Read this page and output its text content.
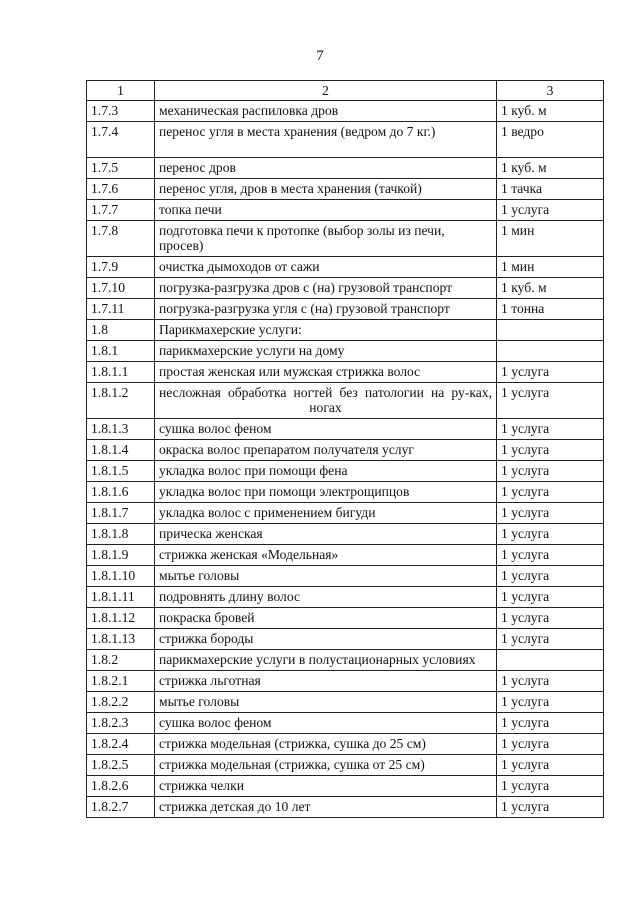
7
1	2	3
1.7.3	механическая распиловка дров	1 куб. м
1.7.4	перенос угля в места хранения (ведром до 7 кг.)	1 ведро
1.7.5	перенос дров	1 куб. м
1.7.6	перенос угля, дров в места хранения (тачкой)	1 тачка
1.7.7	топка печи	1 услуга
1.7.8	подготовка печи к протопке (выбор золы из печи, просев)	1 мин
1.7.9	очистка дымоходов от сажи	1 мин
1.7.10	погрузка-разгрузка дров с (на) грузовой транспорт	1 куб. м
1.7.11	погрузка-разгрузка угля с (на) грузовой транспорт	1 тонна
1.8	Парикмахерские услуги:	
1.8.1	парикмахерские услуги на дому	
1.8.1.1	простая женская или мужская стрижка волос	1 услуга
1.8.1.2	несложная обработка ногтей без патологии на ру-ках, ногах	1 услуга
1.8.1.3	сушка волос феном	1 услуга
1.8.1.4	окраска волос препаратом получателя услуг	1 услуга
1.8.1.5	укладка волос при помощи фена	1 услуга
1.8.1.6	укладка волос при помощи электрощипцов	1 услуга
1.8.1.7	укладка волос с применением бигуди	1 услуга
1.8.1.8	прическа женская	1 услуга
1.8.1.9	стрижка женская «Модельная»	1 услуга
1.8.1.10	мытье головы	1 услуга
1.8.1.11	подровнять длину волос	1 услуга
1.8.1.12	покраска бровей	1 услуга
1.8.1.13	стрижка бороды	1 услуга
1.8.2	парикмахерские услуги в полустационарных условиях	
1.8.2.1	стрижка льготная	1 услуга
1.8.2.2	мытье головы	1 услуга
1.8.2.3	сушка волос феном	1 услуга
1.8.2.4	стрижка модельная (стрижка, сушка до 25 см)	1 услуга
1.8.2.5	стрижка модельная (стрижка, сушка от 25 см)	1 услуга
1.8.2.6	стрижка челки	1 услуга
1.8.2.7	стрижка детская до 10 лет	1 услуга
